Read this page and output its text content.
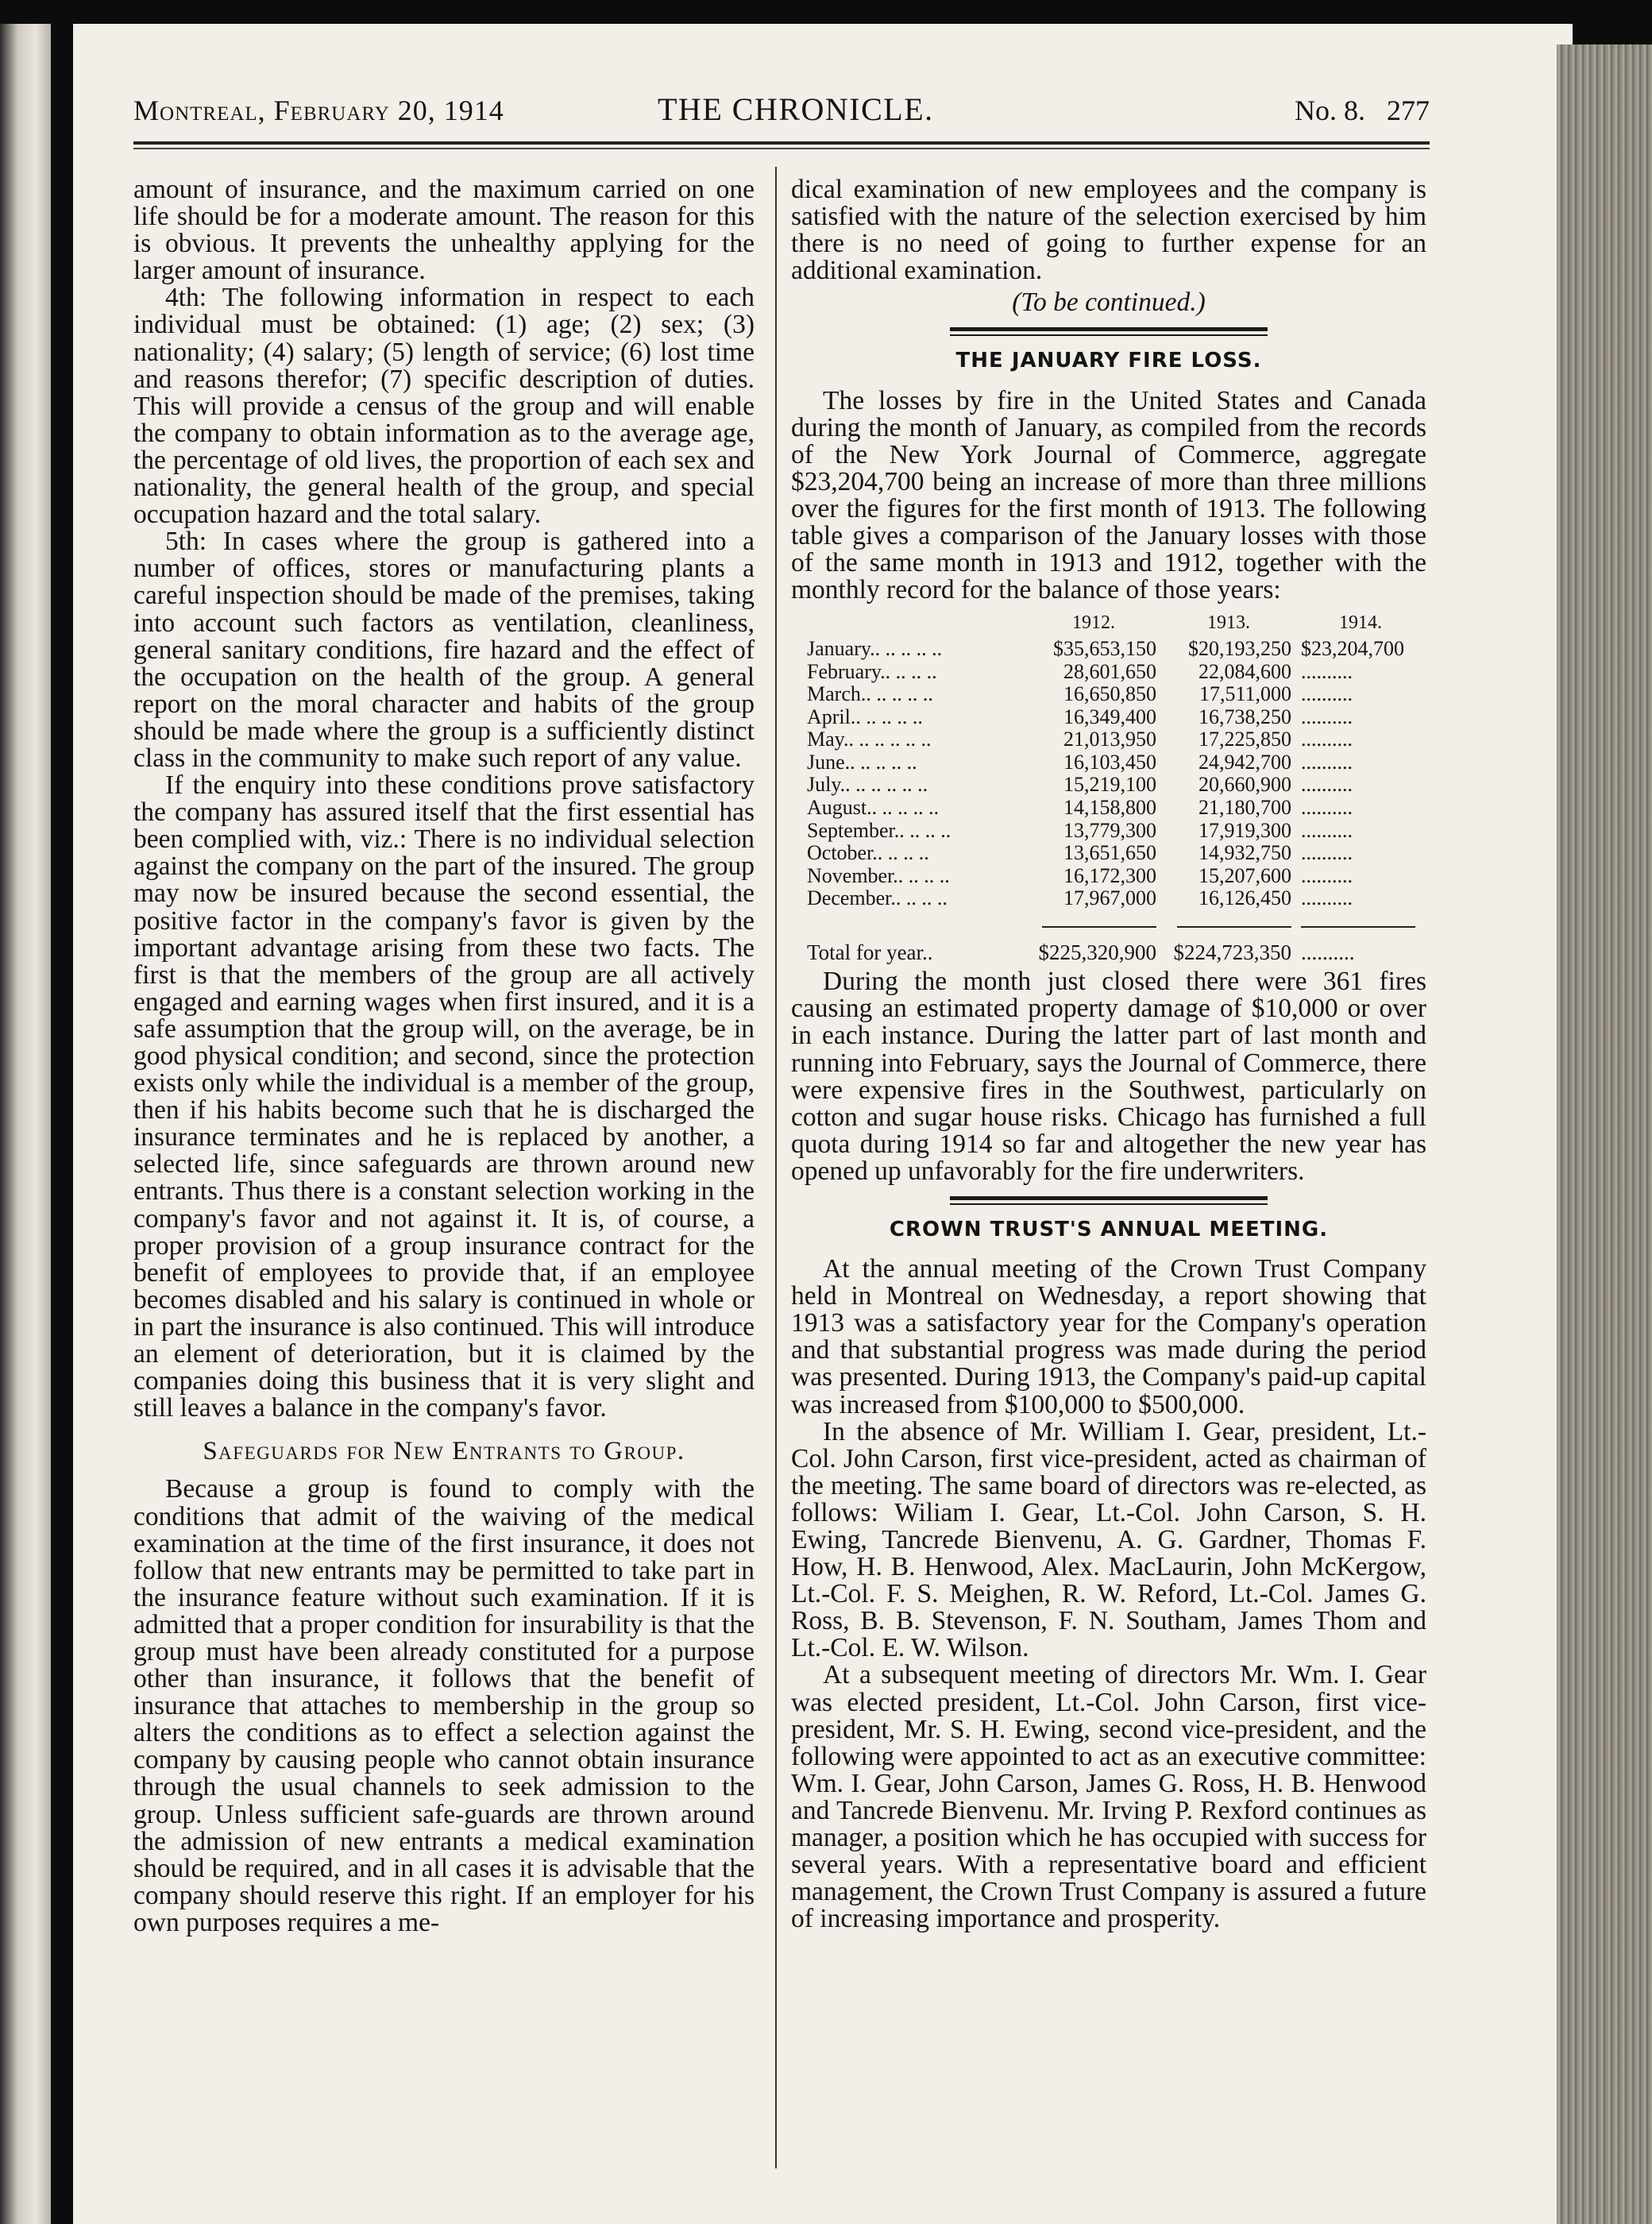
Montreal, February 20, 1914	THE CHRONICLE.	No. 8. 277

amount of insurance, and the maximum carried on one life should be for a moderate amount. The reason for this is obvious. It prevents the unhealthy applying for the larger amount of insurance.

4th: The following information in respect to each individual must be obtained: (1) age; (2) sex; (3) nationality; (4) salary; (5) length of service; (6) lost time and reasons therefor; (7) specific description of duties. This will provide a census of the group and will enable the company to obtain information as to the average age, the percentage of old lives, the proportion of each sex and nationality, the general health of the group, and special occupation hazard and the total salary.

5th: In cases where the group is gathered into a number of offices, stores or manufacturing plants a careful inspection should be made of the premises, taking into account such factors as ventilation, cleanliness, general sanitary conditions, fire hazard and the effect of the occupation on the health of the group. A general report on the moral character and habits of the group should be made where the group is a sufficiently distinct class in the community to make such report of any value.

If the enquiry into these conditions prove satisfactory the company has assured itself that the first essential has been complied with, viz.: There is no individual selection against the company on the part of the insured. The group may now be insured because the second essential, the positive factor in the company's favor is given by the important advantage arising from these two facts. The first is that the members of the group are all actively engaged and earning wages when first insured, and it is a safe assumption that the group will, on the average, be in good physical condition; and second, since the protection exists only while the individual is a member of the group, then if his habits become such that he is discharged the insurance terminates and he is replaced by another, a selected life, since safeguards are thrown around new entrants. Thus there is a constant selection working in the company's favor and not against it. It is, of course, a proper provision of a group insurance contract for the benefit of employees to provide that, if an employee becomes disabled and his salary is continued in whole or in part the insurance is also continued. This will introduce an element of deterioration, but it is claimed by the companies doing this business that it is very slight and still leaves a balance in the company's favor.

Safeguards for New Entrants to Group.

Because a group is found to comply with the conditions that admit of the waiving of the medical examination at the time of the first insurance, it does not follow that new entrants may be permitted to take part in the insurance feature without such examination. If it is admitted that a proper condition for insurability is that the group must have been already constituted for a purpose other than insurance, it follows that the benefit of insurance that attaches to membership in the group so alters the conditions as to effect a selection against the company by causing people who cannot obtain insurance through the usual channels to seek admission to the group. Unless sufficient safe-guards are thrown around the admission of new entrants a medical examination should be required, and in all cases it is advisable that the company should reserve this right. If an employer for his own purposes requires a me-

dical examination of new employees and the company is satisfied with the nature of the selection exercised by him there is no need of going to further expense for an additional examination.

(To be continued.)
THE JANUARY FIRE LOSS.

The losses by fire in the United States and Canada during the month of January, as compiled from the records of the New York Journal of Commerce, aggregate $23,204,700 being an increase of more than three millions over the figures for the first month of 1913. The following table gives a comparison of the January losses with those of the same month in 1913 and 1912, together with the monthly record for the balance of those years:

	1912.	1913.	1914.
January.. .. .. .. ..	$35,653,150	$20,193,250	$23,204,700
February.. .. .. ..	28,601,650	22,084,600	..........
March.. .. .. .. ..	16,650,850	17,511,000	..........
April.. .. .. .. ..	16,349,400	16,738,250	..........
May.. .. .. .. .. ..	21,013,950	17,225,850	..........
June.. .. .. .. ..	16,103,450	24,942,700	..........
July.. .. .. .. .. ..	15,219,100	20,660,900	..........
August.. .. .. .. ..	14,158,800	21,180,700	..........
September.. .. .. ..	13,779,300	17,919,300	..........
October.. .. .. ..	13,651,650	14,932,750	..........
November.. .. .. ..	16,172,300	15,207,600	..........
December.. .. .. ..	17,967,000	16,126,450	..........

Total for year..	$225,320,900	$224,723,350	..........

During the month just closed there were 361 fires causing an estimated property damage of $10,000 or over in each instance. During the latter part of last month and running into February, says the Journal of Commerce, there were expensive fires in the Southwest, particularly on cotton and sugar house risks. Chicago has furnished a full quota during 1914 so far and altogether the new year has opened up unfavorably for the fire underwriters.

CROWN TRUST'S ANNUAL MEETING.

At the annual meeting of the Crown Trust Company held in Montreal on Wednesday, a report showing that 1913 was a satisfactory year for the Company's operation and that substantial progress was made during the period was presented. During 1913, the Company's paid-up capital was increased from $100,000 to $500,000.

In the absence of Mr. William I. Gear, president, Lt.-Col. John Carson, first vice-president, acted as chairman of the meeting. The same board of directors was re-elected, as follows: Wiliam I. Gear, Lt.-Col. John Carson, S. H. Ewing, Tancrede Bienvenu, A. G. Gardner, Thomas F. How, H. B. Henwood, Alex. MacLaurin, John McKergow, Lt.-Col. F. S. Meighen, R. W. Reford, Lt.-Col. James G. Ross, B. B. Stevenson, F. N. Southam, James Thom and Lt.-Col. E. W. Wilson.

At a subsequent meeting of directors Mr. Wm. I. Gear was elected president, Lt.-Col. John Carson, first vice-president, Mr. S. H. Ewing, second vice-president, and the following were appointed to act as an executive committee: Wm. I. Gear, John Carson, James G. Ross, H. B. Henwood and Tancrede Bienvenu. Mr. Irving P. Rexford continues as manager, a position which he has occupied with success for several years. With a representative board and efficient management, the Crown Trust Company is assured a future of increasing importance and prosperity.
